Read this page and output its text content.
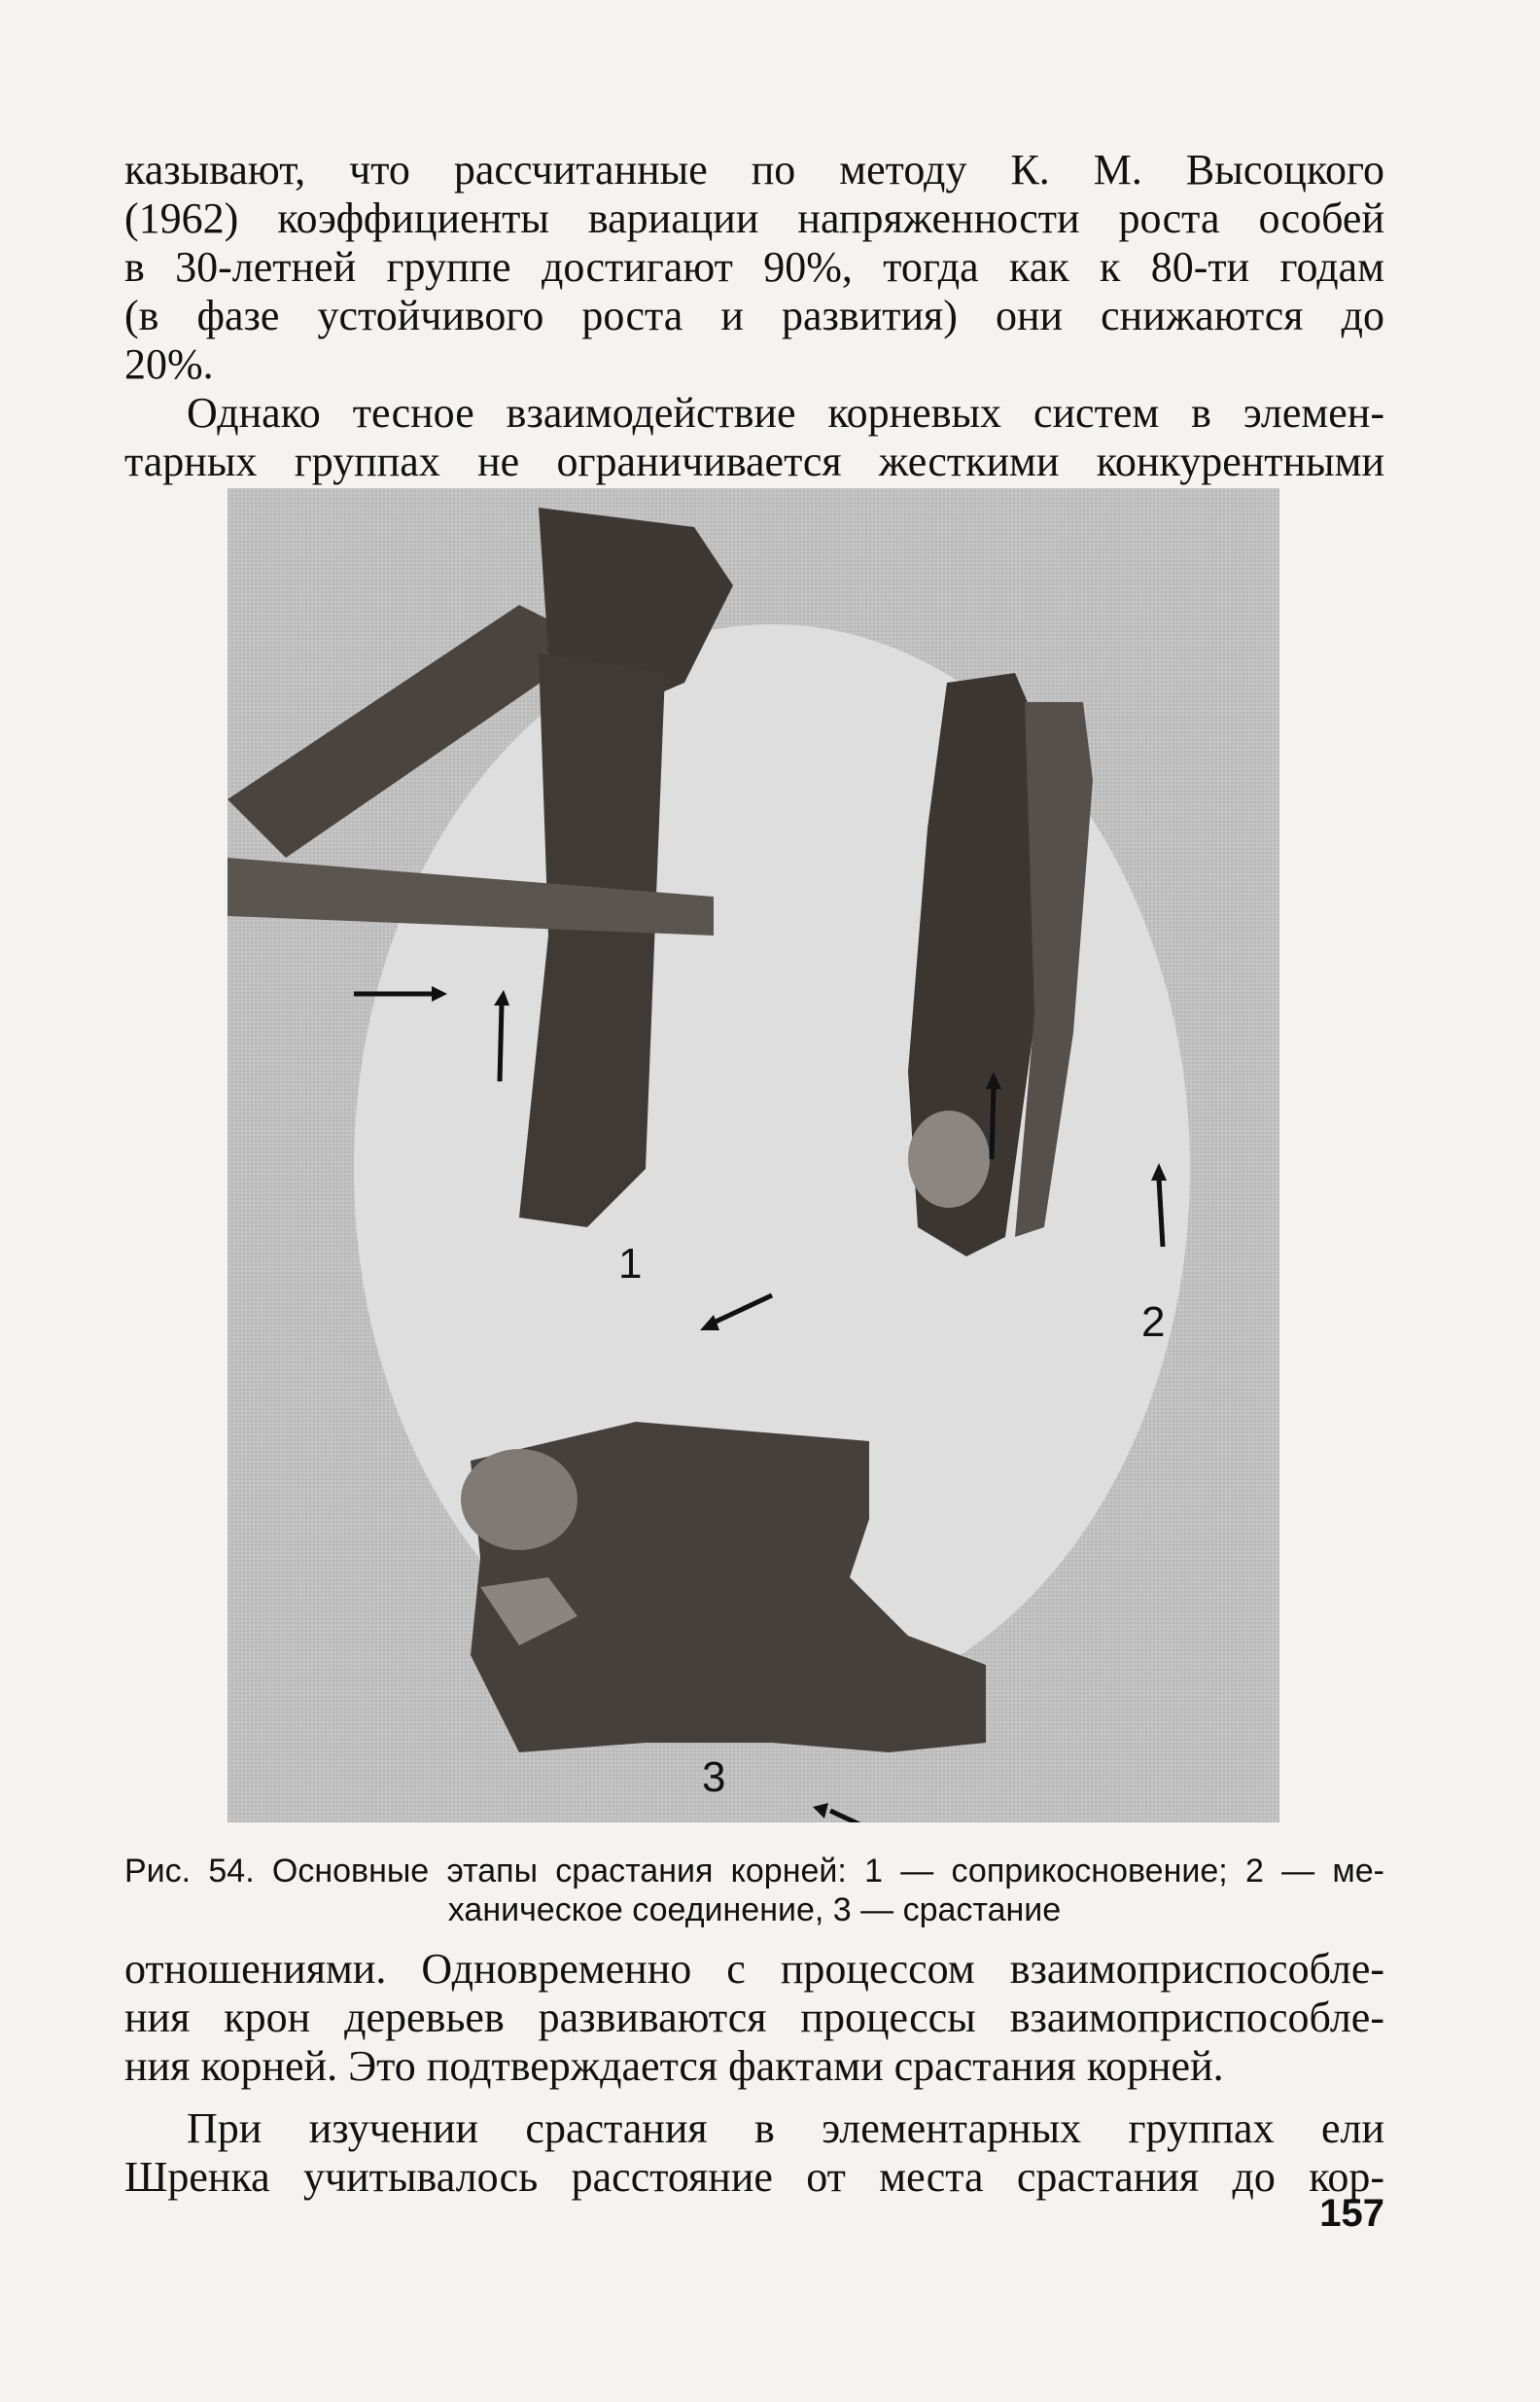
казывают, что рассчитанные по методу К. М. Высоцкого
(1962) коэффициенты вариации напряженности роста особей
в 30-летней группе достигают 90%, тогда как к 80-ти годам
(в фазе устойчивого роста и развития) они снижаются до
20%.
Однако тесное взаимодействие корневых систем в элемен-
тарных группах не ограничивается жесткими конкурентными
1
2
3
Рис. 54. Основные этапы срастания корней: 1 — соприкосновение; 2 — ме-
ханическое соединение, 3 — срастание
отношениями. Одновременно с процессом взаимоприспособле-
ния крон деревьев развиваются процессы взаимоприспособле-
ния корней. Это подтверждается фактами срастания корней.
При изучении срастания в элементарных группах ели
Шренка учитывалось расстояние от места срастания до кор-
157
